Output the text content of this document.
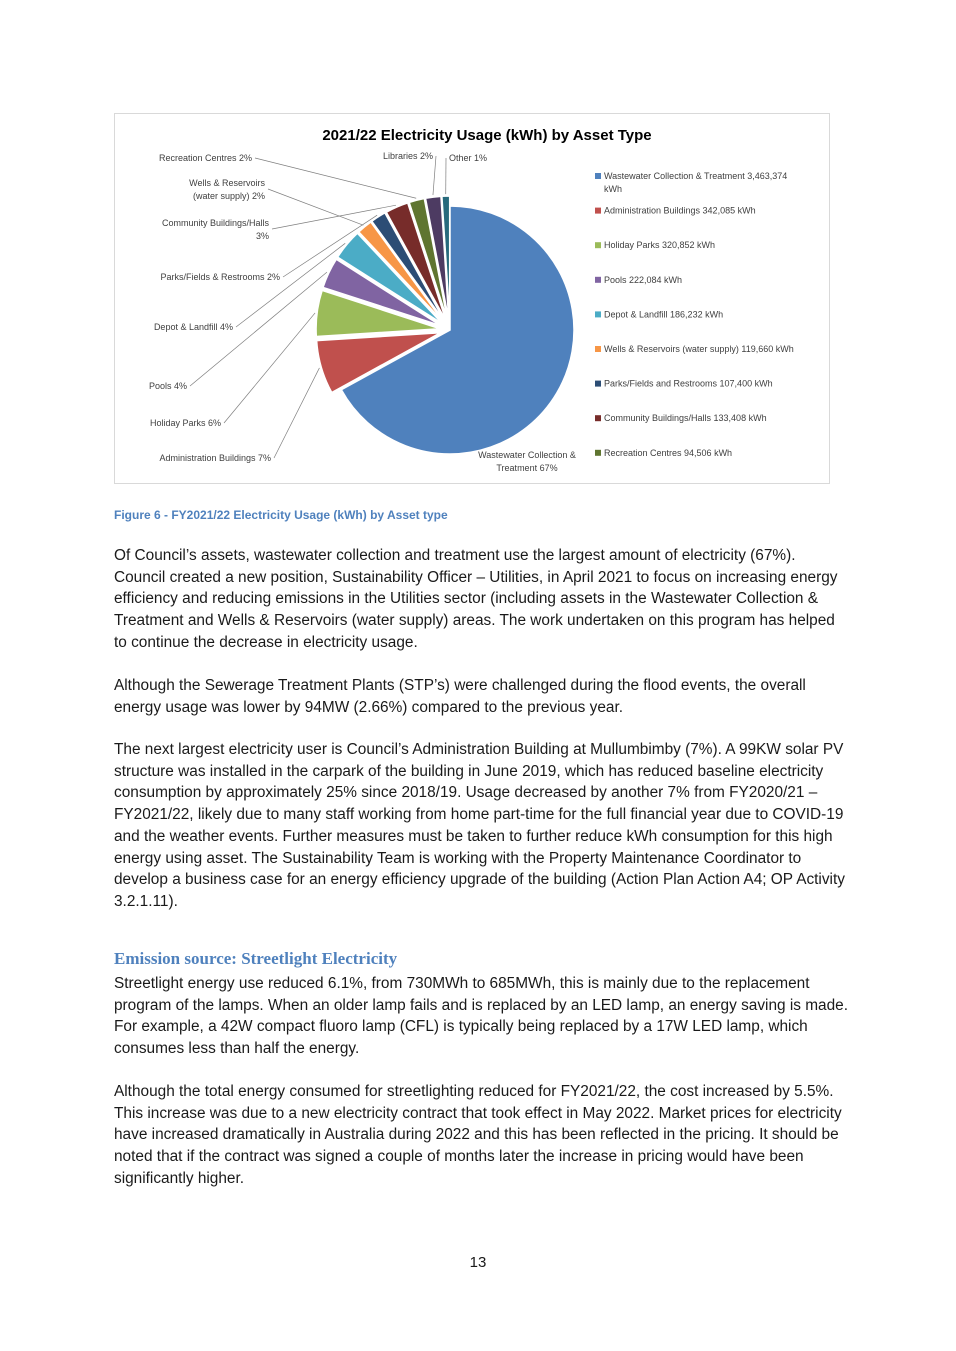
2021/22 Electricity Usage (kWh) by Asset Type
Wastewater Collection & Treatment 67%
Administration Buildings 7%
Holiday Parks 6%
Pools 4%
Depot & Landfill 4%
Wells & Reservoirs (water supply) 2%
Parks/Fields & Restrooms 2%
Community Buildings/Halls 3%
Recreation Centres 2%	Libraries 2% Other 1%
Wastewater Collection & Treatment 3,463,374 kWh
Administration Buildings 342,085 kWh
Holiday Parks 320,852 kWh
Pools 222,084 kWh
Depot & Landfill 186,232 kWh
Wells & Reservoirs (water supply) 119,660 kWh
Parks/Fields and Restrooms 107,400 kWh
Community Buildings/Halls 133,408 kWh
Recreation Centres 94,506 kWh
Figure 6 - FY2021/22 Electricity Usage (kWh) by Asset type

Of Council’s assets, wastewater collection and treatment use the largest amount of electricity (67%). Council created a new position, Sustainability Officer – Utilities, in April 2021 to focus on increasing energy efficiency and reducing emissions in the Utilities sector (including assets in the Wastewater Collection & Treatment and Wells & Reservoirs (water supply) areas. The work undertaken on this program has helped to continue the decrease in electricity usage.

Although the Sewerage Treatment Plants (STP’s) were challenged during the flood events, the overall energy usage was lower by 94MW (2.66%) compared to the previous year.

The next largest electricity user is Council’s Administration Building at Mullumbimby (7%). A 99KW solar PV structure was installed in the carpark of the building in June 2019, which has reduced baseline electricity consumption by approximately 25% since 2018/19. Usage decreased by another 7% from FY2020/21 – FY2021/22, likely due to many staff working from home part-time for the full financial year due to COVID-19 and the weather events. Further measures must be taken to further reduce kWh consumption for this high energy using asset. The Sustainability Team is working with the Property Maintenance Coordinator to develop a business case for an energy efficiency upgrade of the building (Action Plan Action A4; OP Activity 3.2.1.11).

Emission source: Streetlight Electricity

Streetlight energy use reduced 6.1%, from 730MWh to 685MWh, this is mainly due to the replacement program of the lamps. When an older lamp fails and is replaced by an LED lamp, an energy saving is made. For example, a 42W compact fluoro lamp (CFL) is typically being replaced by a 17W LED lamp, which consumes less than half the energy.

Although the total energy consumed for streetlighting reduced for FY2021/22, the cost increased by 5.5%. This increase was due to a new electricity contract that took effect in May 2022. Market prices for electricity have increased dramatically in Australia during 2022 and this has been reflected in the pricing. It should be noted that if the contract was signed a couple of months later the increase in pricing would have been significantly higher.

13
